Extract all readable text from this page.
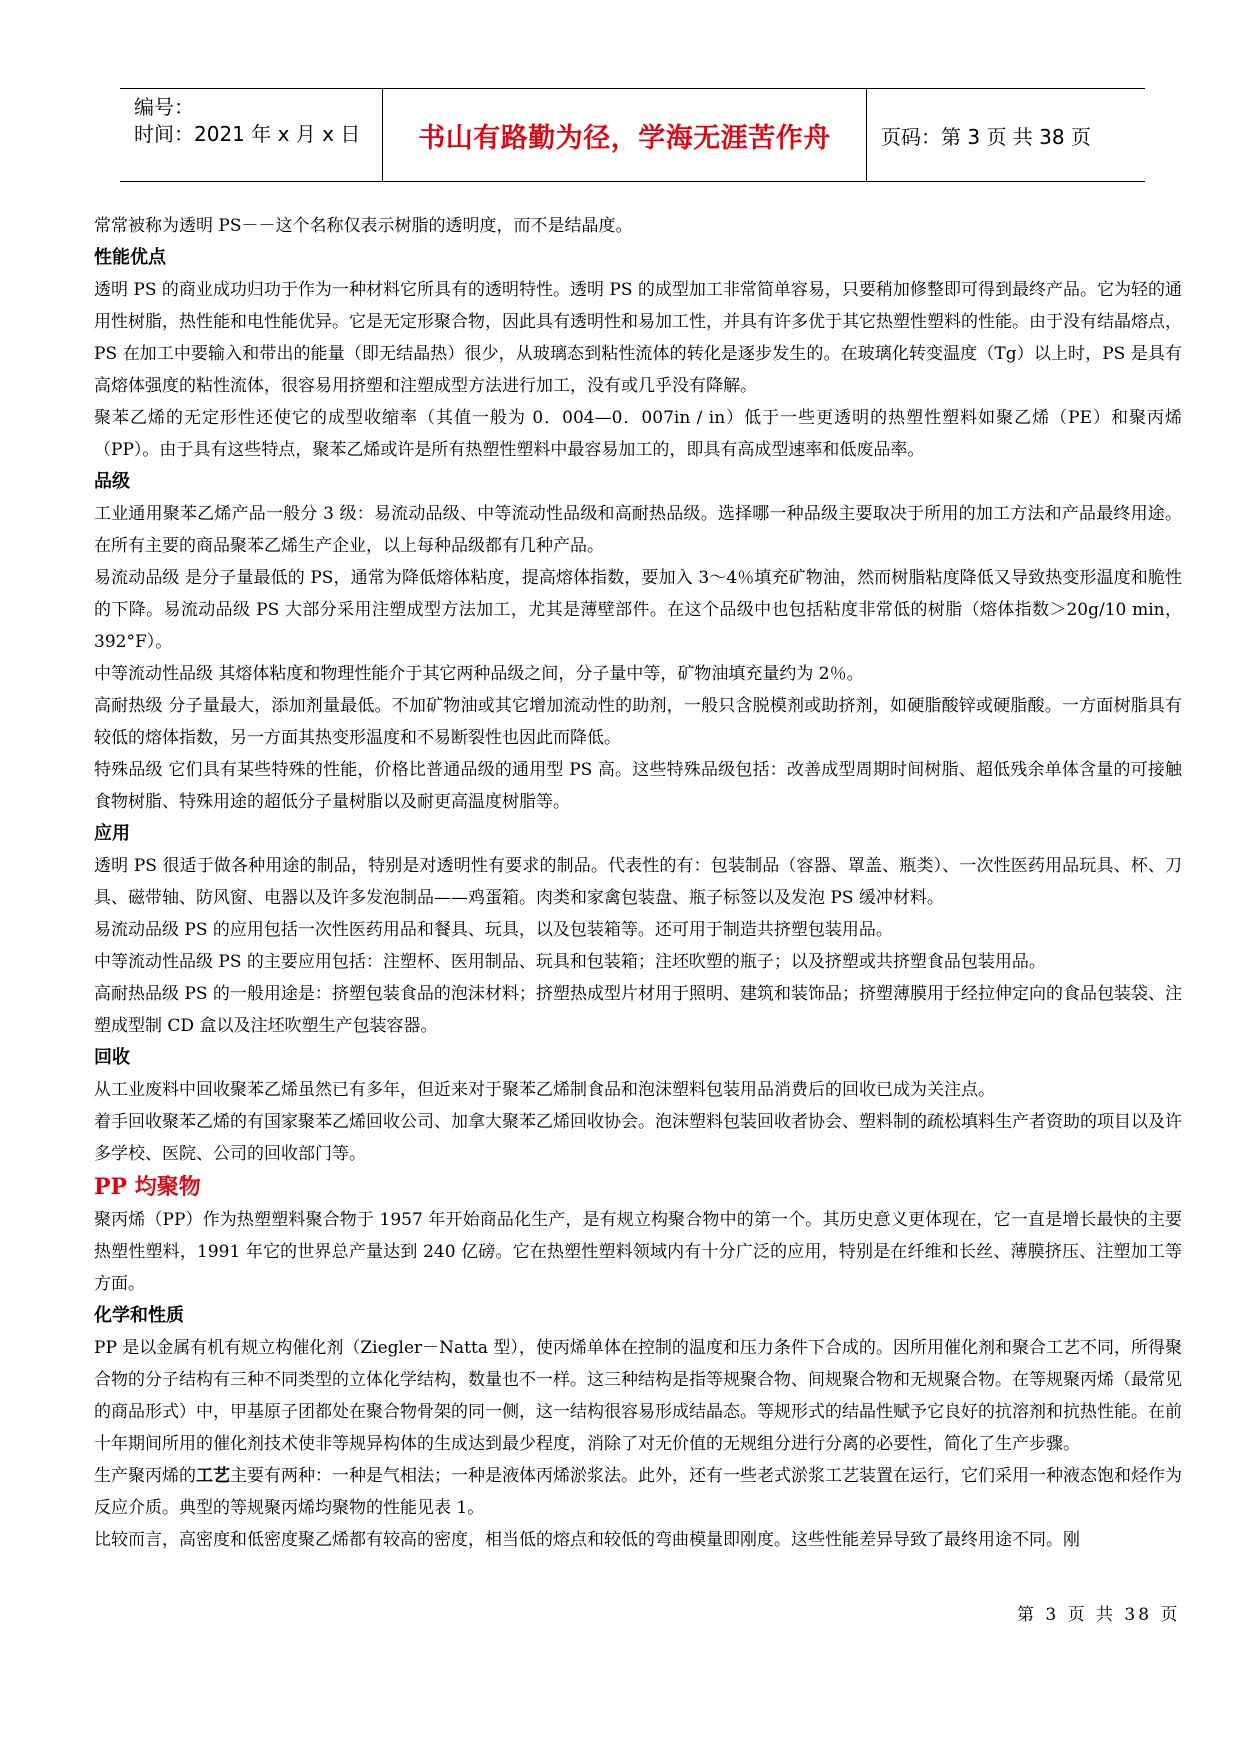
编号：
时间：2021 年 x 月 x 日	书山有路勤为径，学海无涯苦作舟	页码：第 3 页 共 38 页

常常被称为透明 PS－－这个名称仅表示树脂的透明度，而不是结晶度。

性能优点

透明 PS 的商业成功归功于作为一种材料它所具有的透明特性。透明 PS 的成型加工非常简单容易，只要稍加修整即可得到最终产品。它为轻的通用性树脂，热性能和电性能优异。它是无定形聚合物，因此具有透明性和易加工性，并具有许多优于其它热塑性塑料的性能。由于没有结晶熔点，PS 在加工中要输入和带出的能量（即无结晶热）很少，从玻璃态到粘性流体的转化是逐步发生的。在玻璃化转变温度（Tg）以上时，PS 是具有高熔体强度的粘性流体，很容易用挤塑和注塑成型方法进行加工，没有或几乎没有降解。

聚苯乙烯的无定形性还使它的成型收缩率（其值一般为 0．004—0．007in / in）低于一些更透明的热塑性塑料如聚乙烯（PE）和聚丙烯（PP）。由于具有这些特点，聚苯乙烯或许是所有热塑性塑料中最容易加工的，即具有高成型速率和低废品率。

品级

工业通用聚苯乙烯产品一般分 3 级：易流动品级、中等流动性品级和高耐热品级。选择哪一种品级主要取决于所用的加工方法和产品最终用途。在所有主要的商品聚苯乙烯生产企业，以上每种品级都有几种产品。

易流动品级 是分子量最低的 PS，通常为降低熔体粘度，提高熔体指数，要加入 3～4％填充矿物油，然而树脂粘度降低又导致热变形温度和脆性的下降。易流动品级 PS 大部分采用注塑成型方法加工，尤其是薄壁部件。在这个品级中也包括粘度非常低的树脂（熔体指数＞20g/10 min，392°F）。

中等流动性品级 其熔体粘度和物理性能介于其它两种品级之间，分子量中等，矿物油填充量约为 2％。

高耐热级 分子量最大，添加剂量最低。不加矿物油或其它增加流动性的助剂，一般只含脱模剂或助挤剂，如硬脂酸锌或硬脂酸。一方面树脂具有较低的熔体指数，另一方面其热变形温度和不易断裂性也因此而降低。

特殊品级 它们具有某些特殊的性能，价格比普通品级的通用型 PS 高。这些特殊品级包括：改善成型周期时间树脂、超低残余单体含量的可接触食物树脂、特殊用途的超低分子量树脂以及耐更高温度树脂等。

应用

透明 PS 很适于做各种用途的制品，特别是对透明性有要求的制品。代表性的有：包装制品（容器、罩盖、瓶类）、一次性医药用品玩具、杯、刀具、磁带轴、防风窗、电器以及许多发泡制品——鸡蛋箱。肉类和家禽包装盘、瓶子标签以及发泡 PS 缓冲材料。

易流动品级 PS 的应用包括一次性医药用品和餐具、玩具，以及包装箱等。还可用于制造共挤塑包装用品。

中等流动性品级 PS 的主要应用包括：注塑杯、医用制品、玩具和包装箱；注坯吹塑的瓶子；以及挤塑或共挤塑食品包装用品。

高耐热品级 PS 的一般用途是：挤塑包装食品的泡沫材料；挤塑热成型片材用于照明、建筑和装饰品；挤塑薄膜用于经拉伸定向的食品包装袋、注塑成型制 CD 盒以及注坯吹塑生产包装容器。

回收

从工业废料中回收聚苯乙烯虽然已有多年，但近来对于聚苯乙烯制食品和泡沫塑料包装用品消费后的回收已成为关注点。

着手回收聚苯乙烯的有国家聚苯乙烯回收公司、加拿大聚苯乙烯回收协会。泡沫塑料包装回收者协会、塑料制的疏松填料生产者资助的项目以及许多学校、医院、公司的回收部门等。

PP 均聚物

聚丙烯（PP）作为热塑塑料聚合物于 1957 年开始商品化生产，是有规立构聚合物中的第一个。其历史意义更体现在，它一直是增长最快的主要热塑性塑料，1991 年它的世界总产量达到 240 亿磅。它在热塑性塑料领域内有十分广泛的应用，特别是在纤维和长丝、薄膜挤压、注塑加工等方面。

化学和性质

PP 是以金属有机有规立构催化剂（Ziegler－Natta 型），使丙烯单体在控制的温度和压力条件下合成的。因所用催化剂和聚合工艺不同，所得聚合物的分子结构有三种不同类型的立体化学结构，数量也不一样。这三种结构是指等规聚合物、间规聚合物和无规聚合物。在等规聚丙烯（最常见的商品形式）中，甲基原子团都处在聚合物骨架的同一侧，这一结构很容易形成结晶态。等规形式的结晶性赋予它良好的抗溶剂和抗热性能。在前十年期间所用的催化剂技术使非等规异构体的生成达到最少程度，消除了对无价值的无规组分进行分离的必要性，简化了生产步骤。

生产聚丙烯的工艺主要有两种：一种是气相法；一种是液体丙烯淤浆法。此外，还有一些老式淤浆工艺装置在运行，它们采用一种液态饱和烃作为反应介质。典型的等规聚丙烯均聚物的性能见表 1。

比较而言，高密度和低密度聚乙烯都有较高的密度，相当低的熔点和较低的弯曲模量即刚度。这些性能差异导致了最终用途不同。刚

第 3 页 共 38 页
